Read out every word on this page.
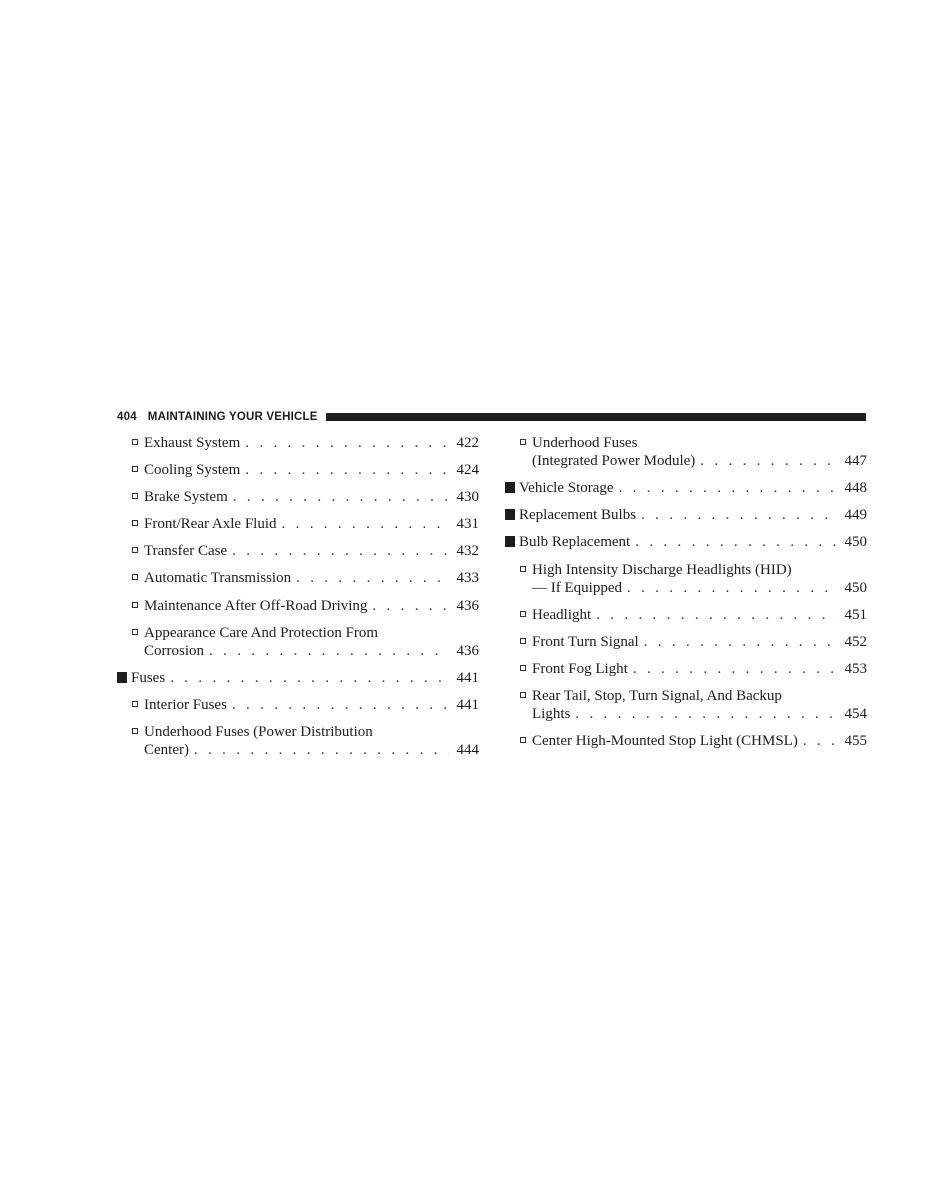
404 MAINTAINING YOUR VEHICLE
Exhaust System . . .	422
Cooling System . . .	424
Brake System . . .	430
Front/Rear Axle Fluid . . .	431
Transfer Case . . .	432
Automatic Transmission . . .	433
Maintenance After Off-Road Driving . . .	436
Appearance Care And Protection From
Corrosion . . .	436
Fuses . . .	441
Interior Fuses . . .	441
Underhood Fuses (Power Distribution
Center) . . .	444
Underhood Fuses
(Integrated Power Module) . . .	447
Vehicle Storage . . .	448
Replacement Bulbs . . .	449
Bulb Replacement . . .	450
High Intensity Discharge Headlights (HID)
— If Equipped . . .	450
Headlight . . .	451
Front Turn Signal . . .	452
Front Fog Light . . .	453
Rear Tail, Stop, Turn Signal, And Backup
Lights . . .	454
Center High-Mounted Stop Light (CHMSL) . . .	455
